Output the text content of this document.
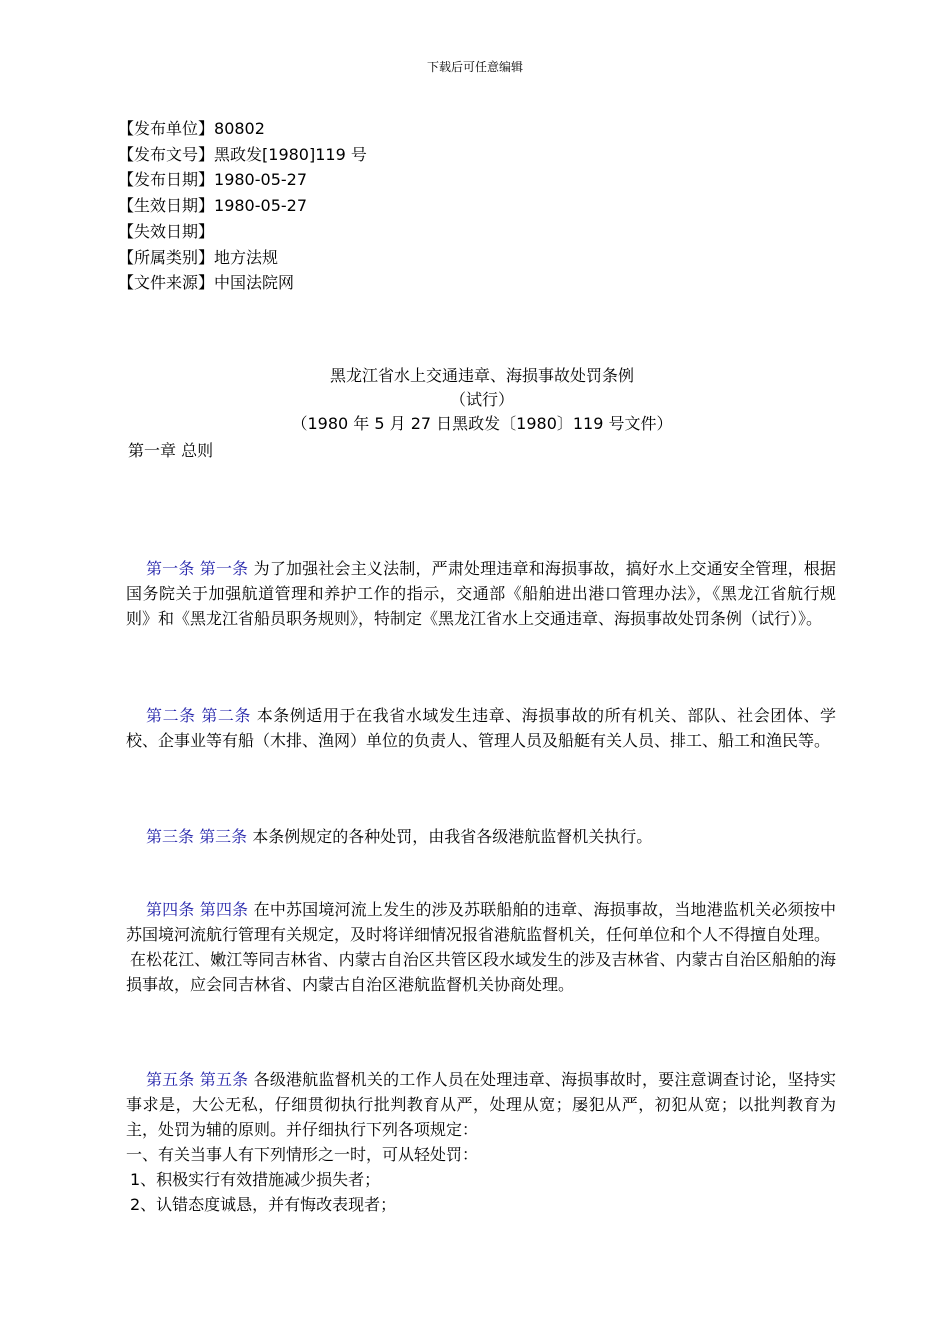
下载后可任意编辑
【发布单位】80802
【发布文号】黑政发[1980]119 号
【发布日期】1980-05-27
【生效日期】1980-05-27
【失效日期】
【所属类别】地方法规
【文件来源】中国法院网
黑龙江省水上交通违章、海损事故处罚条例
（试行）
（1980 年 5 月 27 日黑政发〔1980〕119 号文件）
第一章 总则

第一条 第一条 为了加强社会主义法制，严肃处理违章和海损事故，搞好水上交通安全管理，根据国务院关于加强航道管理和养护工作的指示，交通部《船舶进出港口管理办法》，《黑龙江省航行规则》和《黑龙江省船员职务规则》，特制定《黑龙江省水上交通违章、海损事故处罚条例（试行）》。

第二条 第二条 本条例适用于在我省水域发生违章、海损事故的所有机关、部队、社会团体、学校、企事业等有船（木排、渔网）单位的负责人、管理人员及船艇有关人员、排工、船工和渔民等。

第三条 第三条 本条例规定的各种处罚，由我省各级港航监督机关执行。

第四条 第四条 在中苏国境河流上发生的涉及苏联船舶的违章、海损事故，当地港监机关必须按中苏国境河流航行管理有关规定，及时将详细情况报省港航监督机关，任何单位和个人不得擅自处理。

在松花江、嫩江等同吉林省、内蒙古自治区共管区段水域发生的涉及吉林省、内蒙古自治区船舶的海损事故，应会同吉林省、内蒙古自治区港航监督机关协商处理。

第五条 第五条 各级港航监督机关的工作人员在处理违章、海损事故时，要注意调查讨论，坚持实事求是，大公无私，仔细贯彻执行批判教育从严，处理从宽；屡犯从严，初犯从宽；以批判教育为主，处罚为辅的原则。并仔细执行下列各项规定：

一、有关当事人有下列情形之一时，可从轻处罚：

1、积极实行有效措施减少损失者；

2、认错态度诚恳，并有悔改表现者；
